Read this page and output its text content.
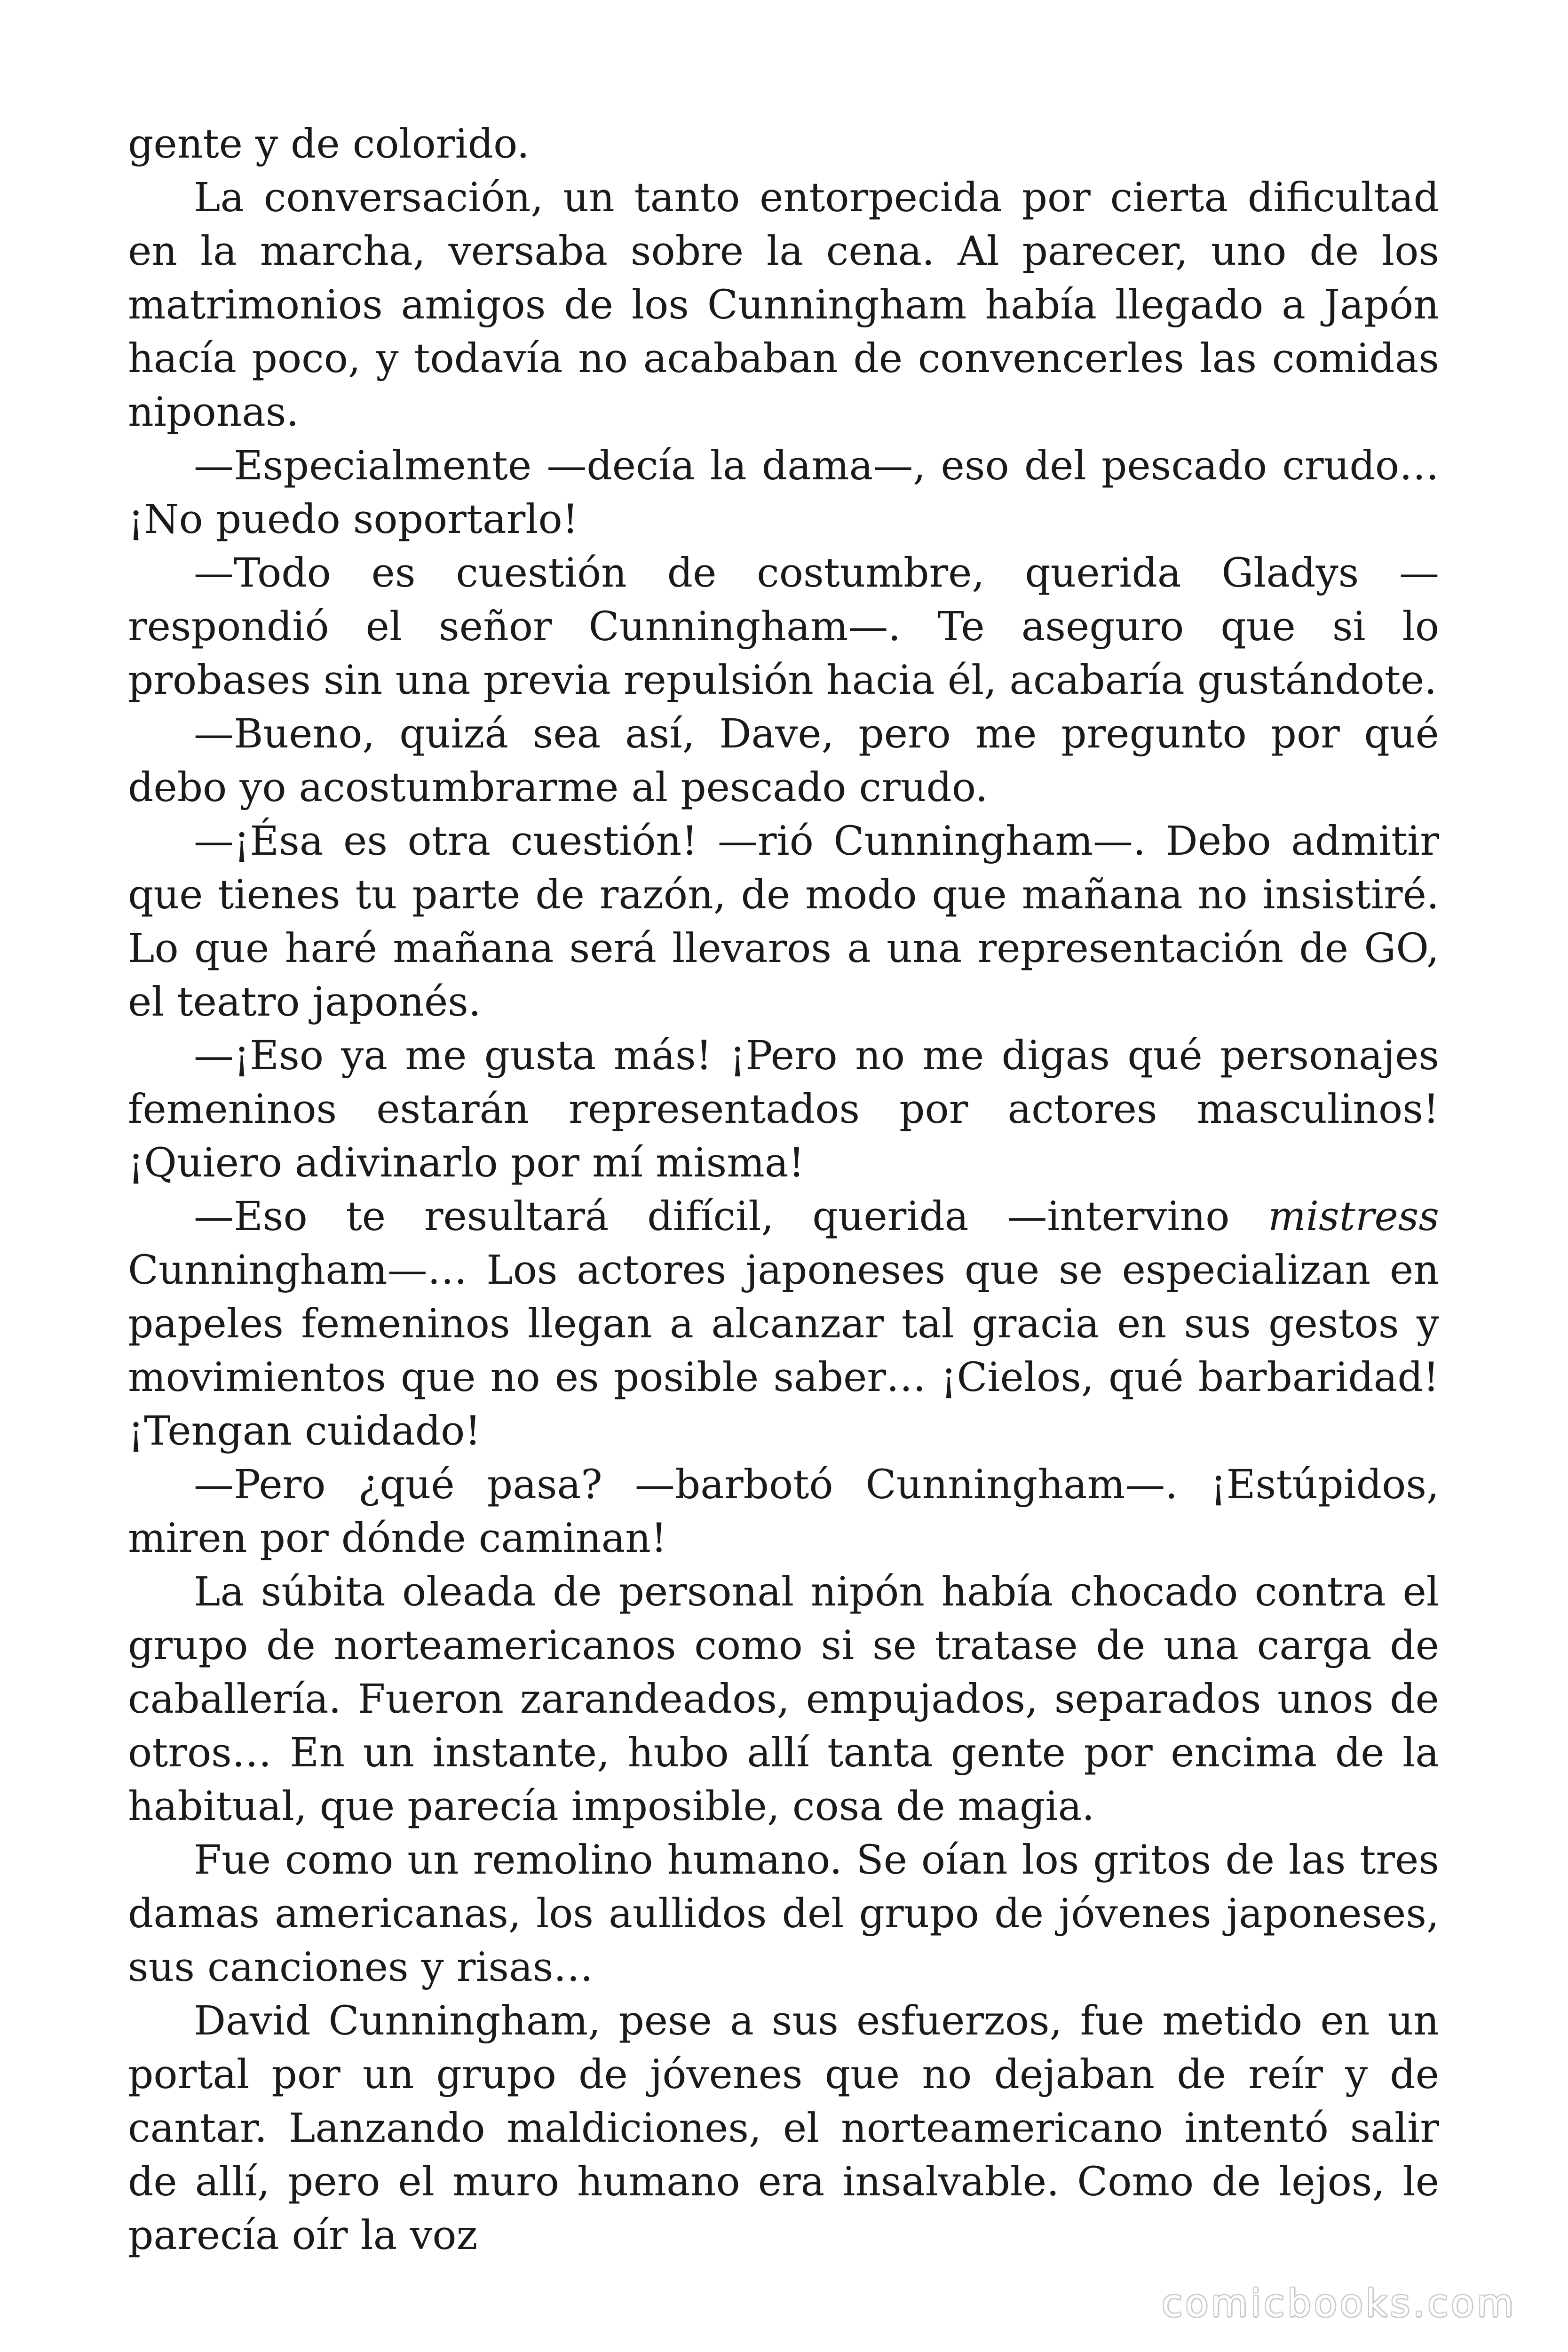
gente y de colorido.

La conversación, un tanto entorpecida por cierta dificultad en la marcha, versaba sobre la cena. Al parecer, uno de los matrimonios amigos de los Cunningham había llegado a Japón hacía poco, y todavía no acababan de convencerles las comidas niponas.

—Especialmente —decía la dama—, eso del pescado crudo… ¡No puedo soportarlo!

—Todo es cuestión de costumbre, querida Gladys —respondió el señor Cunningham—. Te aseguro que si lo probases sin una previa repulsión hacia él, acabaría gustándote.

—Bueno, quizá sea así, Dave, pero me pregunto por qué debo yo acostumbrarme al pescado crudo.

—¡Ésa es otra cuestión! —rió Cunningham—. Debo admitir que tienes tu parte de razón, de modo que mañana no insistiré. Lo que haré mañana será llevaros a una representación de GO, el teatro japonés.

—¡Eso ya me gusta más! ¡Pero no me digas qué personajes femeninos estarán representados por actores masculinos! ¡Quiero adivinarlo por mí misma!

—Eso te resultará difícil, querida —intervino mistress Cunningham—… Los actores japoneses que se especializan en papeles femeninos llegan a alcanzar tal gracia en sus gestos y movimientos que no es posible saber… ¡Cielos, qué barbaridad! ¡Tengan cuidado!

—Pero ¿qué pasa? —barbotó Cunningham—. ¡Estúpidos, miren por dónde caminan!

La súbita oleada de personal nipón había chocado contra el grupo de norteamericanos como si se tratase de una carga de caballería. Fueron zarandeados, empujados, separados unos de otros… En un instante, hubo allí tanta gente por encima de la habitual, que parecía imposible, cosa de magia.

Fue como un remolino humano. Se oían los gritos de las tres damas americanas, los aullidos del grupo de jóvenes japoneses, sus canciones y risas…

David Cunningham, pese a sus esfuerzos, fue metido en un portal por un grupo de jóvenes que no dejaban de reír y de cantar. Lanzando maldiciones, el norteamericano intentó salir de allí, pero el muro humano era insalvable. Como de lejos, le parecía oír la voz

comicbooks.com
